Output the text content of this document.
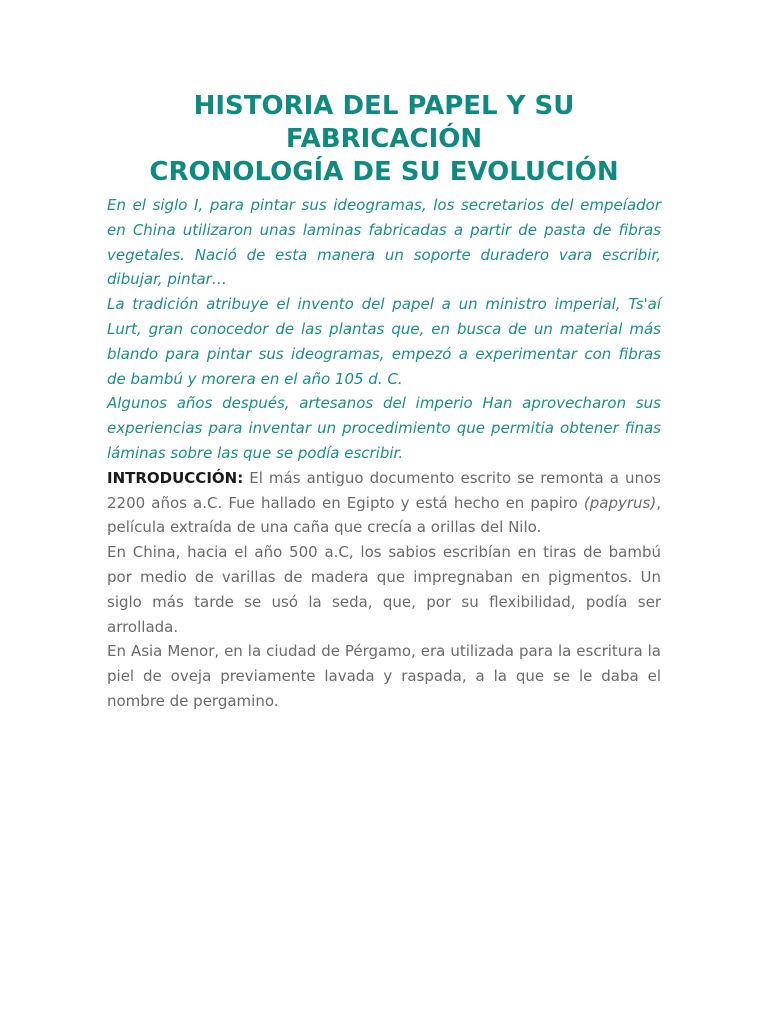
HISTORIA DEL PAPEL Y SU
FABRICACIÓN
CRONOLOGÍA DE SU EVOLUCIÓN

En el siglo I, para pintar sus ideogramas, los secretarios del empeíador en China utilizaron unas laminas fabricadas a partir de pasta de fibras vegetales. Nació de esta manera un soporte duradero vara escribir, dibujar, pintar…

La tradición atribuye el invento del papel a un ministro imperial, Ts'aí Lurt, gran conocedor de las plantas que, en busca de un material más blando para pintar sus ideogramas, empezó a experimentar con fibras de bambú y morera en el año 105 d. C.

Algunos años después, artesanos del imperio Han aprovecharon sus experiencias para inventar un procedimiento que permitia obtener finas láminas sobre las que se podía escribir.

INTRODUCCIÓN: El más antiguo documento escrito se remonta a unos 2200 años a.C. Fue hallado en Egipto y está hecho en papiro (papyrus), película extraída de una caña que crecía a orillas del Nilo.

En China, hacia el año 500 a.C, los sabios escribían en tiras de bambú por medio de varillas de madera que impregnaban en pigmentos. Un siglo más tarde se usó la seda, que, por su flexibilidad, podía ser arrollada.

En Asia Menor, en la ciudad de Pérgamo, era utilizada para la escritura la piel de oveja previamente lavada y raspada, a la que se le daba el nombre de pergamino.
